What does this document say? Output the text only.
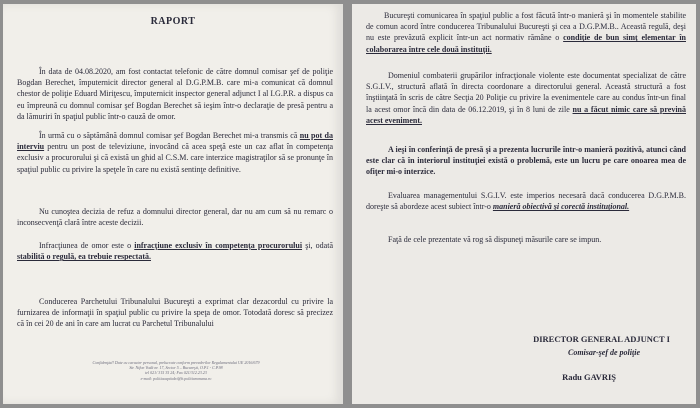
RAPORT

În data de 04.08.2020, am fost contactat telefonic de către domnul comisar şef de poliţie Bogdan Berechet, împuternicit director general al D.G.P.M.B. care mi-a comunicat că domnul chestor de poliţie Eduard Miriţescu, împuternicit inspector general adjunct I al I.G.P.R. a dispus ca eu împreună cu domnul comisar şef Bogdan Berechet să ieşim într-o declaraţie de presă pentru a da lămuriri în spaţiul public într-o cauză de omor.

În urmă cu o săptămână domnul comisar şef Bogdan Berechet mi-a transmis că nu pot da interviu pentru un post de televiziune, invocând că acea speţă este un caz aflat în competenţa exclusiv a procurorului şi că există un ghid al C.S.M. care interzice magistraţilor să se pronunţe în spaţiul public cu privire la speţele în care nu există sentinţe definitive.

Nu cunoştea decizia de refuz a domnului director general, dar nu am cum să nu remarc o inconsecvenţă clară între aceste decizii.

Infracţiunea de omor este o infracţiune exclusiv în competenţa procurorului şi, odată stabilită o regulă, ea trebuie respectată.

Conducerea Parchetului Tribunalului Bucureşti a exprimat clar dezacordul cu privire la furnizarea de informaţii în spaţiul public cu privire la speţa de omor. Totodată doresc să precizez că în cei 20 de ani în care am lucrat cu Parchetul Tribunalului

Confidenţial! Date cu caracter personal, prelucrate conform prevederilor Regulamentului UE 2016/679
Str. Nifon Vodă nr. 17, Sector 5 – Bucureşti, O.P.1 - C.P.98
tel 021/ 315 35 24; Fax 021/312.23.23
e-mail: politiacapitalei@b.politiaromana.ro

Bucureşti comunicarea în spaţiul public a fost făcută într-o manieră şi în momentele stabilite de comun acord între conducerea Tribunalului Bucureşti şi cea a D.G.P.M.B.. Această regulă, deşi nu este prevăzută explicit într-un act normativ rămâne o condiţie de bun simţ elementar în colaborarea între cele două instituţii.

Domeniul combaterii grupărilor infracţionale violente este documentat specializat de către S.G.I.V., structură aflată în directa coordonare a directorului general. Această structură a fost înştiinţată în scris de către Secţia 20 Poliţie cu privire la evenimentele care au condus într-un final la acest omor încă din data de 06.12.2019, şi în 8 luni de zile nu a făcut nimic care să prevină acest eveniment.

A ieşi în conferinţă de presă şi a prezenta lucrurile într-o manieră pozitivă, atunci când este clar că în interiorul instituţiei există o problemă, este un lucru pe care onoarea mea de ofiţer mi-o interzice.

Evaluarea managementului S.G.I.V. este imperios necesară dacă conducerea D.G.P.M.B. doreşte să abordeze acest subiect într-o manieră obiectivă şi corectă instituţional.

Faţă de cele prezentate vă rog să dispuneţi măsurile care se impun.

DIRECTOR GENERAL ADJUNCT I
Comisar-şef de poliţie
Radu GAVRIŞ
